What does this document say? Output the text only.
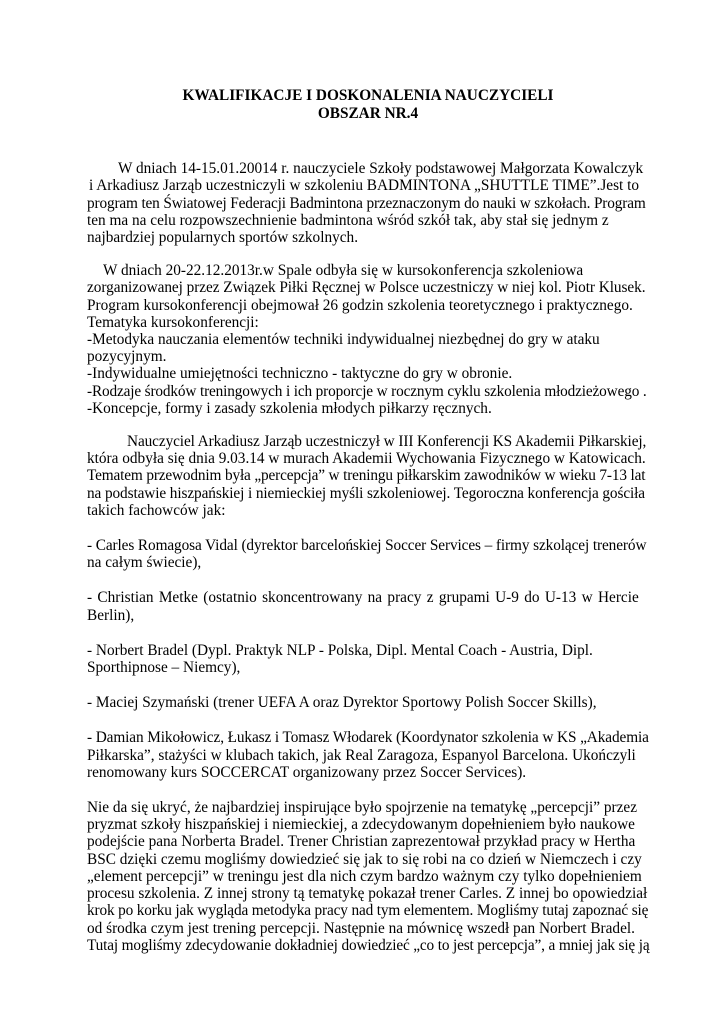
KWALIFIKACJE I DOSKONALENIA NAUCZYCIELI
OBSZAR NR.4
W dniach 14-15.01.20014 r. nauczyciele Szkoły podstawowej Małgorzata Kowalczyk
i Arkadiusz Jarząb uczestniczyli w szkoleniu BADMINTONA „SHUTTLE TIME”.Jest to
program ten Światowej Federacji Badmintona przeznaczonym do nauki w szkołach. Program
ten ma na celu rozpowszechnienie badmintona wśród szkół tak, aby stał się jednym z
najbardziej popularnych sportów szkolnych.
W dniach 20-22.12.2013r.w Spale odbyła się w kursokonferencja szkoleniowa
zorganizowanej przez Związek Piłki Ręcznej w Polsce uczestniczy w niej kol. Piotr Klusek.
Program kursokonferencji obejmował 26 godzin szkolenia teoretycznego i praktycznego.
Tematyka kursokonferencji:
-Metodyka nauczania elementów techniki indywidualnej niezbędnej do gry w ataku
pozycyjnym.
-Indywidualne umiejętności techniczno - taktyczne do gry w obronie.
-Rodzaje środków treningowych i ich proporcje w rocznym cyklu szkolenia młodzieżowego .
-Koncepcje, formy i zasady szkolenia młodych piłkarzy ręcznych.
Nauczyciel Arkadiusz Jarząb uczestniczył w III Konferencji KS Akademii Piłkarskiej,
która odbyła się dnia 9.03.14 w murach Akademii Wychowania Fizycznego w Katowicach.
Tematem przewodnim była „percepcja” w treningu piłkarskim zawodników w wieku 7-13 lat
na podstawie hiszpańskiej i niemieckiej myśli szkoleniowej. Tegoroczna konferencja gościła
takich fachowców jak:
- Carles Romagosa Vidal (dyrektor barcelońskiej Soccer Services – firmy szkolącej trenerów
na całym świecie),
- Christian Metke (ostatnio skoncentrowany na pracy z grupami U-9 do U-13 w Hercie
Berlin),
- Norbert Bradel (Dypl. Praktyk NLP - Polska, Dipl. Mental Coach - Austria, Dipl.
Sporthipnose – Niemcy),
- Maciej Szymański (trener UEFA A oraz Dyrektor Sportowy Polish Soccer Skills),
- Damian Mikołowicz, Łukasz i Tomasz Włodarek (Koordynator szkolenia w KS „Akademia
Piłkarska”, stażyści w klubach takich, jak Real Zaragoza, Espanyol Barcelona. Ukończyli
renomowany kurs SOCCERCAT organizowany przez Soccer Services).
Nie da się ukryć, że najbardziej inspirujące było spojrzenie na tematykę „percepcji” przez
pryzmat szkoły hiszpańskiej i niemieckiej, a zdecydowanym dopełnieniem było naukowe
podejście pana Norberta Bradel. Trener Christian zaprezentował przykład pracy w Hertha
BSC dzięki czemu mogliśmy dowiedzieć się jak to się robi na co dzień w Niemczech i czy
„element percepcji” w treningu jest dla nich czym bardzo ważnym czy tylko dopełnieniem
procesu szkolenia. Z innej strony tą tematykę pokazał trener Carles. Z innej bo opowiedział
krok po korku jak wygląda metodyka pracy nad tym elementem. Mogliśmy tutaj zapoznać się
od środka czym jest trening percepcji. Następnie na mównicę wszedł pan Norbert Bradel.
Tutaj mogliśmy zdecydowanie dokładniej dowiedzieć „co to jest percepcja”, a mniej jak się ją
